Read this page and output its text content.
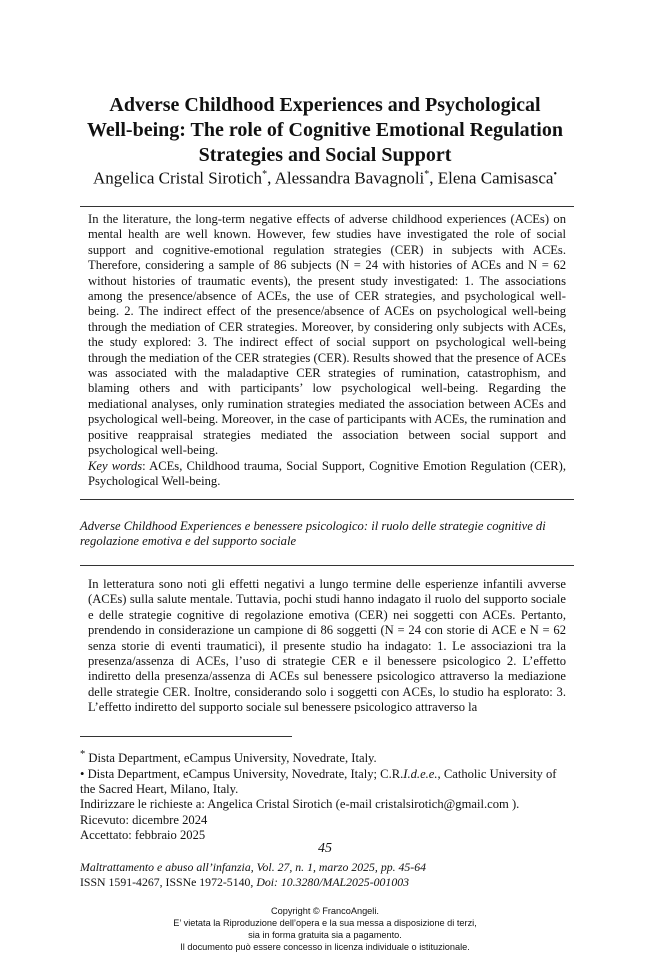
Adverse Childhood Experiences and Psychological
Well-being: The role of Cognitive Emotional Regulation
Strategies and Social Support
Angelica Cristal Sirotich*, Alessandra Bavagnoli*, Elena Camisasca•

In the literature, the long-term negative effects of adverse childhood experiences (ACEs) on mental health are well known. However, few studies have investigated the role of social support and cognitive-emotional regulation strategies (CER) in subjects with ACEs. Therefore, considering a sample of 86 subjects (N = 24 with histories of ACEs and N = 62 without histories of traumatic events), the present study investigated: 1. The associations among the presence/absence of ACEs, the use of CER strategies, and psychological well-being. 2. The indirect effect of the presence/absence of ACEs on psychological well-being through the mediation of CER strategies. Moreover, by considering only subjects with ACEs, the study explored: 3. The indirect effect of social support on psychological well-being through the mediation of the CER strategies (CER). Results showed that the presence of ACEs was associated with the maladaptive CER strategies of rumination, catastrophism, and blaming others and with participants’ low psychological well-being. Regarding the mediational analyses, only rumination strategies mediated the association between ACEs and psychological well-being. Moreover, in the case of participants with ACEs, the rumination and positive reappraisal strategies mediated the association between social support and psychological well-being.

Key words: ACEs, Childhood trauma, Social Support, Cognitive Emotion Regulation (CER), Psychological Well-being.

Adverse Childhood Experiences e benessere psicologico: il ruolo delle strategie cognitive di regolazione emotiva e del supporto sociale

In letteratura sono noti gli effetti negativi a lungo termine delle esperienze infantili avverse (ACEs) sulla salute mentale. Tuttavia, pochi studi hanno indagato il ruolo del supporto sociale e delle strategie cognitive di regolazione emotiva (CER) nei soggetti con ACEs. Pertanto, prendendo in considerazione un campione di 86 soggetti (N = 24 con storie di ACE e N = 62 senza storie di eventi traumatici), il presente studio ha indagato: 1. Le associazioni tra la presenza/assenza di ACEs, l’uso di strategie CER e il benessere psicologico 2. L’effetto indiretto della presenza/assenza di ACEs sul benessere psicologico attraverso la mediazione delle strategie CER. Inoltre, considerando solo i soggetti con ACEs, lo studio ha esplorato: 3. L’effetto indiretto del supporto sociale sul benessere psicologico attraverso la

* Dista Department, eCampus University, Novedrate, Italy.
• Dista Department, eCampus University, Novedrate, Italy; C.R.I.d.e.e., Catholic University of the Sacred Heart, Milano, Italy.
Indirizzare le richieste a: Angelica Cristal Sirotich (e-mail cristalsirotich@gmail.com ).
Ricevuto: dicembre 2024
Accettato: febbraio 2025
45
Maltrattamento e abuso all’infanzia, Vol. 27, n. 1, marzo 2025, pp. 45-64
ISSN 1591-4267, ISSNe 1972-5140, Doi: 10.3280/MAL2025-001003
Copyright © FrancoAngeli.
E’ vietata la Riproduzione dell’opera e la sua messa a disposizione di terzi,
sia in forma gratuita sia a pagamento.
Il documento può essere concesso in licenza individuale o istituzionale.
